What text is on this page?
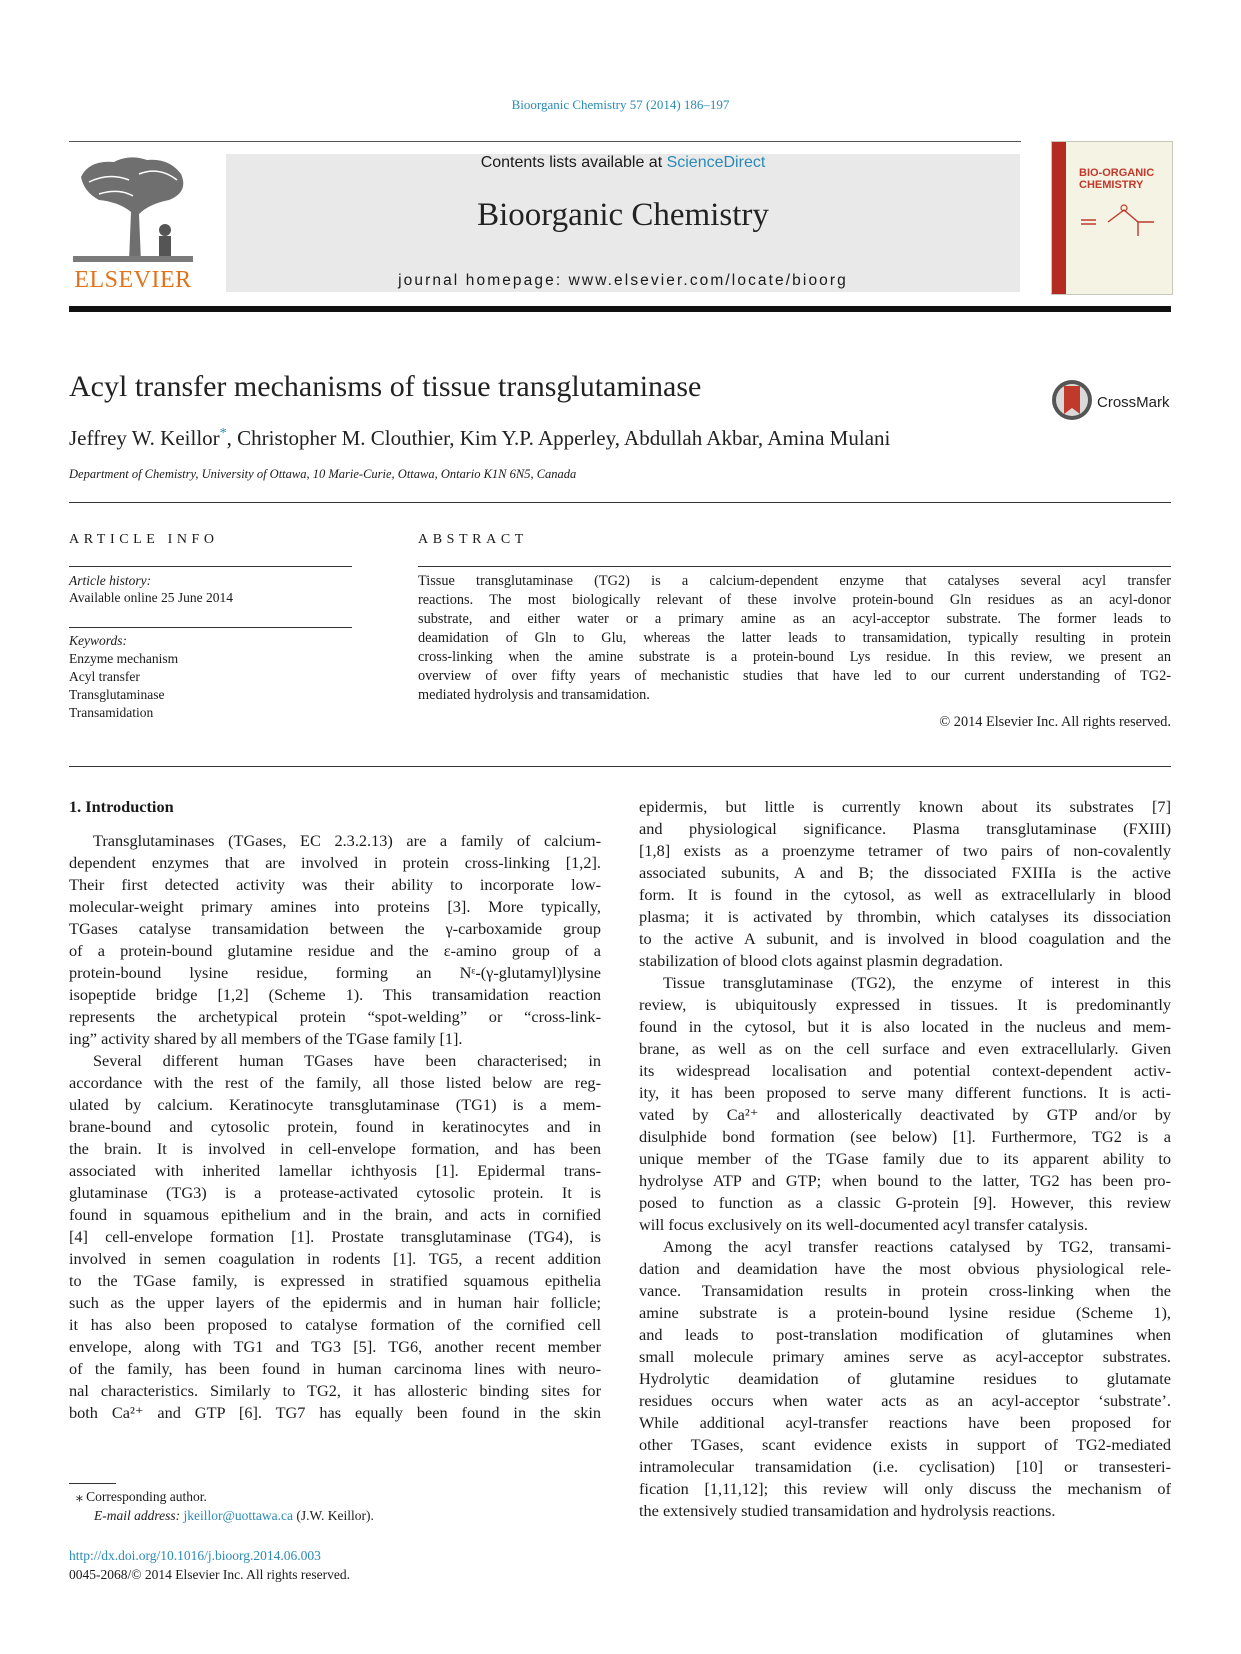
Bioorganic Chemistry 57 (2014) 186–197
ELSEVIER
Contents lists available at ScienceDirect
Bioorganic Chemistry
journal homepage: www.elsevier.com/locate/bioorg
BIO-ORGANIC CHEMISTRY
Acyl transfer mechanisms of tissue transglutaminase	CrossMark
Jeffrey W. Keillor*, Christopher M. Clouthier, Kim Y.P. Apperley, Abdullah Akbar, Amina Mulani
Department of Chemistry, University of Ottawa, 10 Marie-Curie, Ottawa, Ontario K1N 6N5, Canada
ARTICLE INFO
Article history:
Available online 25 June 2014
Keywords:
Enzyme mechanism
Acyl transfer
Transglutaminase
Transamidation
ABSTRACT
Tissue transglutaminase (TG2) is a calcium-dependent enzyme that catalyses several acyl transfer
reactions. The most biologically relevant of these involve protein-bound Gln residues as an acyl-donor
substrate, and either water or a primary amine as an acyl-acceptor substrate. The former leads to
deamidation of Gln to Glu, whereas the latter leads to transamidation, typically resulting in protein
cross-linking when the amine substrate is a protein-bound Lys residue. In this review, we present an
overview of over fifty years of mechanistic studies that have led to our current understanding of TG2-
mediated hydrolysis and transamidation.
© 2014 Elsevier Inc. All rights reserved.
1. Introduction
Transglutaminases (TGases, EC 2.3.2.13) are a family of calcium-
dependent enzymes that are involved in protein cross-linking [1,2].
Their first detected activity was their ability to incorporate low-
molecular-weight primary amines into proteins [3]. More typically,
TGases catalyse transamidation between the γ-carboxamide group
of a protein-bound glutamine residue and the ε-amino group of a
protein-bound lysine residue, forming an Nᵋ-(γ-glutamyl)lysine
isopeptide bridge [1,2] (Scheme 1). This transamidation reaction
represents the archetypical protein “spot-welding” or “cross-link-
ing” activity shared by all members of the TGase family [1].
Several different human TGases have been characterised; in
accordance with the rest of the family, all those listed below are reg-
ulated by calcium. Keratinocyte transglutaminase (TG1) is a mem-
brane-bound and cytosolic protein, found in keratinocytes and in
the brain. It is involved in cell-envelope formation, and has been
associated with inherited lamellar ichthyosis [1]. Epidermal trans-
glutaminase (TG3) is a protease-activated cytosolic protein. It is
found in squamous epithelium and in the brain, and acts in cornified
[4] cell-envelope formation [1]. Prostate transglutaminase (TG4), is
involved in semen coagulation in rodents [1]. TG5, a recent addition
to the TGase family, is expressed in stratified squamous epithelia
such as the upper layers of the epidermis and in human hair follicle;
it has also been proposed to catalyse formation of the cornified cell
envelope, along with TG1 and TG3 [5]. TG6, another recent member
of the family, has been found in human carcinoma lines with neuro-
nal characteristics. Similarly to TG2, it has allosteric binding sites for
both Ca²⁺ and GTP [6]. TG7 has equally been found in the skin
epidermis, but little is currently known about its substrates [7]
and physiological significance. Plasma transglutaminase (FXIII)
[1,8] exists as a proenzyme tetramer of two pairs of non-covalently
associated subunits, A and B; the dissociated FXIIIa is the active
form. It is found in the cytosol, as well as extracellularly in blood
plasma; it is activated by thrombin, which catalyses its dissociation
to the active A subunit, and is involved in blood coagulation and the
stabilization of blood clots against plasmin degradation.
Tissue transglutaminase (TG2), the enzyme of interest in this
review, is ubiquitously expressed in tissues. It is predominantly
found in the cytosol, but it is also located in the nucleus and mem-
brane, as well as on the cell surface and even extracellularly. Given
its widespread localisation and potential context-dependent activ-
ity, it has been proposed to serve many different functions. It is acti-
vated by Ca²⁺ and allosterically deactivated by GTP and/or by
disulphide bond formation (see below) [1]. Furthermore, TG2 is a
unique member of the TGase family due to its apparent ability to
hydrolyse ATP and GTP; when bound to the latter, TG2 has been pro-
posed to function as a classic G-protein [9]. However, this review
will focus exclusively on its well-documented acyl transfer catalysis.
Among the acyl transfer reactions catalysed by TG2, transami-
dation and deamidation have the most obvious physiological rele-
vance. Transamidation results in protein cross-linking when the
amine substrate is a protein-bound lysine residue (Scheme 1),
and leads to post-translation modification of glutamines when
small molecule primary amines serve as acyl-acceptor substrates.
Hydrolytic deamidation of glutamine residues to glutamate
residues occurs when water acts as an acyl-acceptor ‘substrate’.
While additional acyl-transfer reactions have been proposed for
other TGases, scant evidence exists in support of TG2-mediated
intramolecular transamidation (i.e. cyclisation) [10] or transesteri-
fication [1,11,12]; this review will only discuss the mechanism of
the extensively studied transamidation and hydrolysis reactions.
⁎ Corresponding author.
E-mail address: jkeillor@uottawa.ca (J.W. Keillor).
http://dx.doi.org/10.1016/j.bioorg.2014.06.003
0045-2068/© 2014 Elsevier Inc. All rights reserved.
